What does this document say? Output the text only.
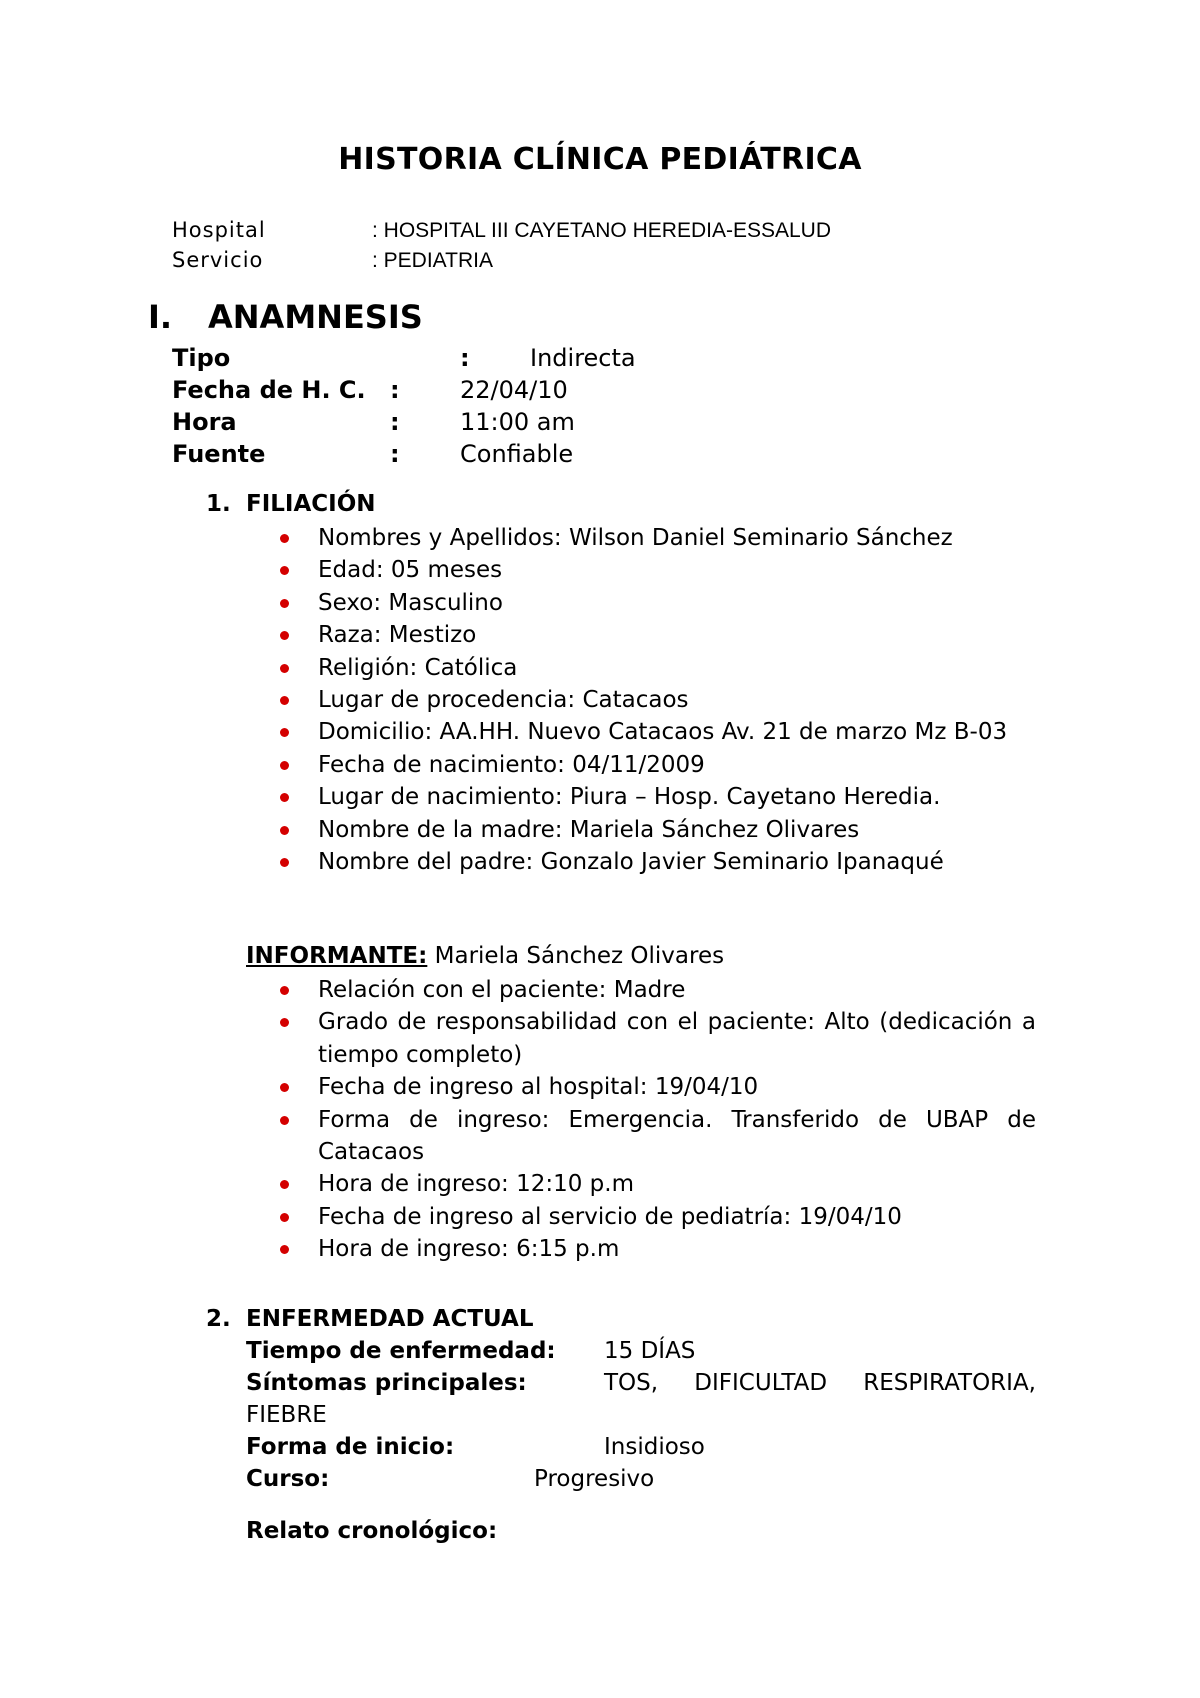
HISTORIA CLÍNICA PEDIÁTRICA
Hospital	: HOSPITAL III CAYETANO HEREDIA-ESSALUD
Servicio	: PEDIATRIA
I. ANAMNESIS
Tipo	:	Indirecta
Fecha de H. C. :	22/04/10
Hora	:	11:00 am
Fuente	:	Confiable
1. FILIACIÓN
Nombres y Apellidos: Wilson Daniel Seminario Sánchez
Edad: 05 meses
Sexo: Masculino
Raza: Mestizo
Religión: Católica
Lugar de procedencia: Catacaos
Domicilio: AA.HH. Nuevo Catacaos Av. 21 de marzo Mz B-03
Fecha de nacimiento: 04/11/2009
Lugar de nacimiento: Piura – Hosp. Cayetano Heredia.
Nombre de la madre: Mariela Sánchez Olivares
Nombre del padre: Gonzalo Javier Seminario Ipanaqué
INFORMANTE: Mariela Sánchez Olivares
Relación con el paciente: Madre
Grado de responsabilidad con el paciente: Alto (dedicación a tiempo completo)
Fecha de ingreso al hospital: 19/04/10
Forma de ingreso: Emergencia. Transferido de UBAP de Catacaos
Hora de ingreso: 12:10 p.m
Fecha de ingreso al servicio de pediatría: 19/04/10
Hora de ingreso: 6:15 p.m
2. ENFERMEDAD ACTUAL
Tiempo de enfermedad: 15 DÍAS
Síntomas principales:	TOS, DIFICULTAD RESPIRATORIA,
FIEBRE
Forma de inicio:	Insidioso
Curso:	Progresivo
Relato cronológico:
